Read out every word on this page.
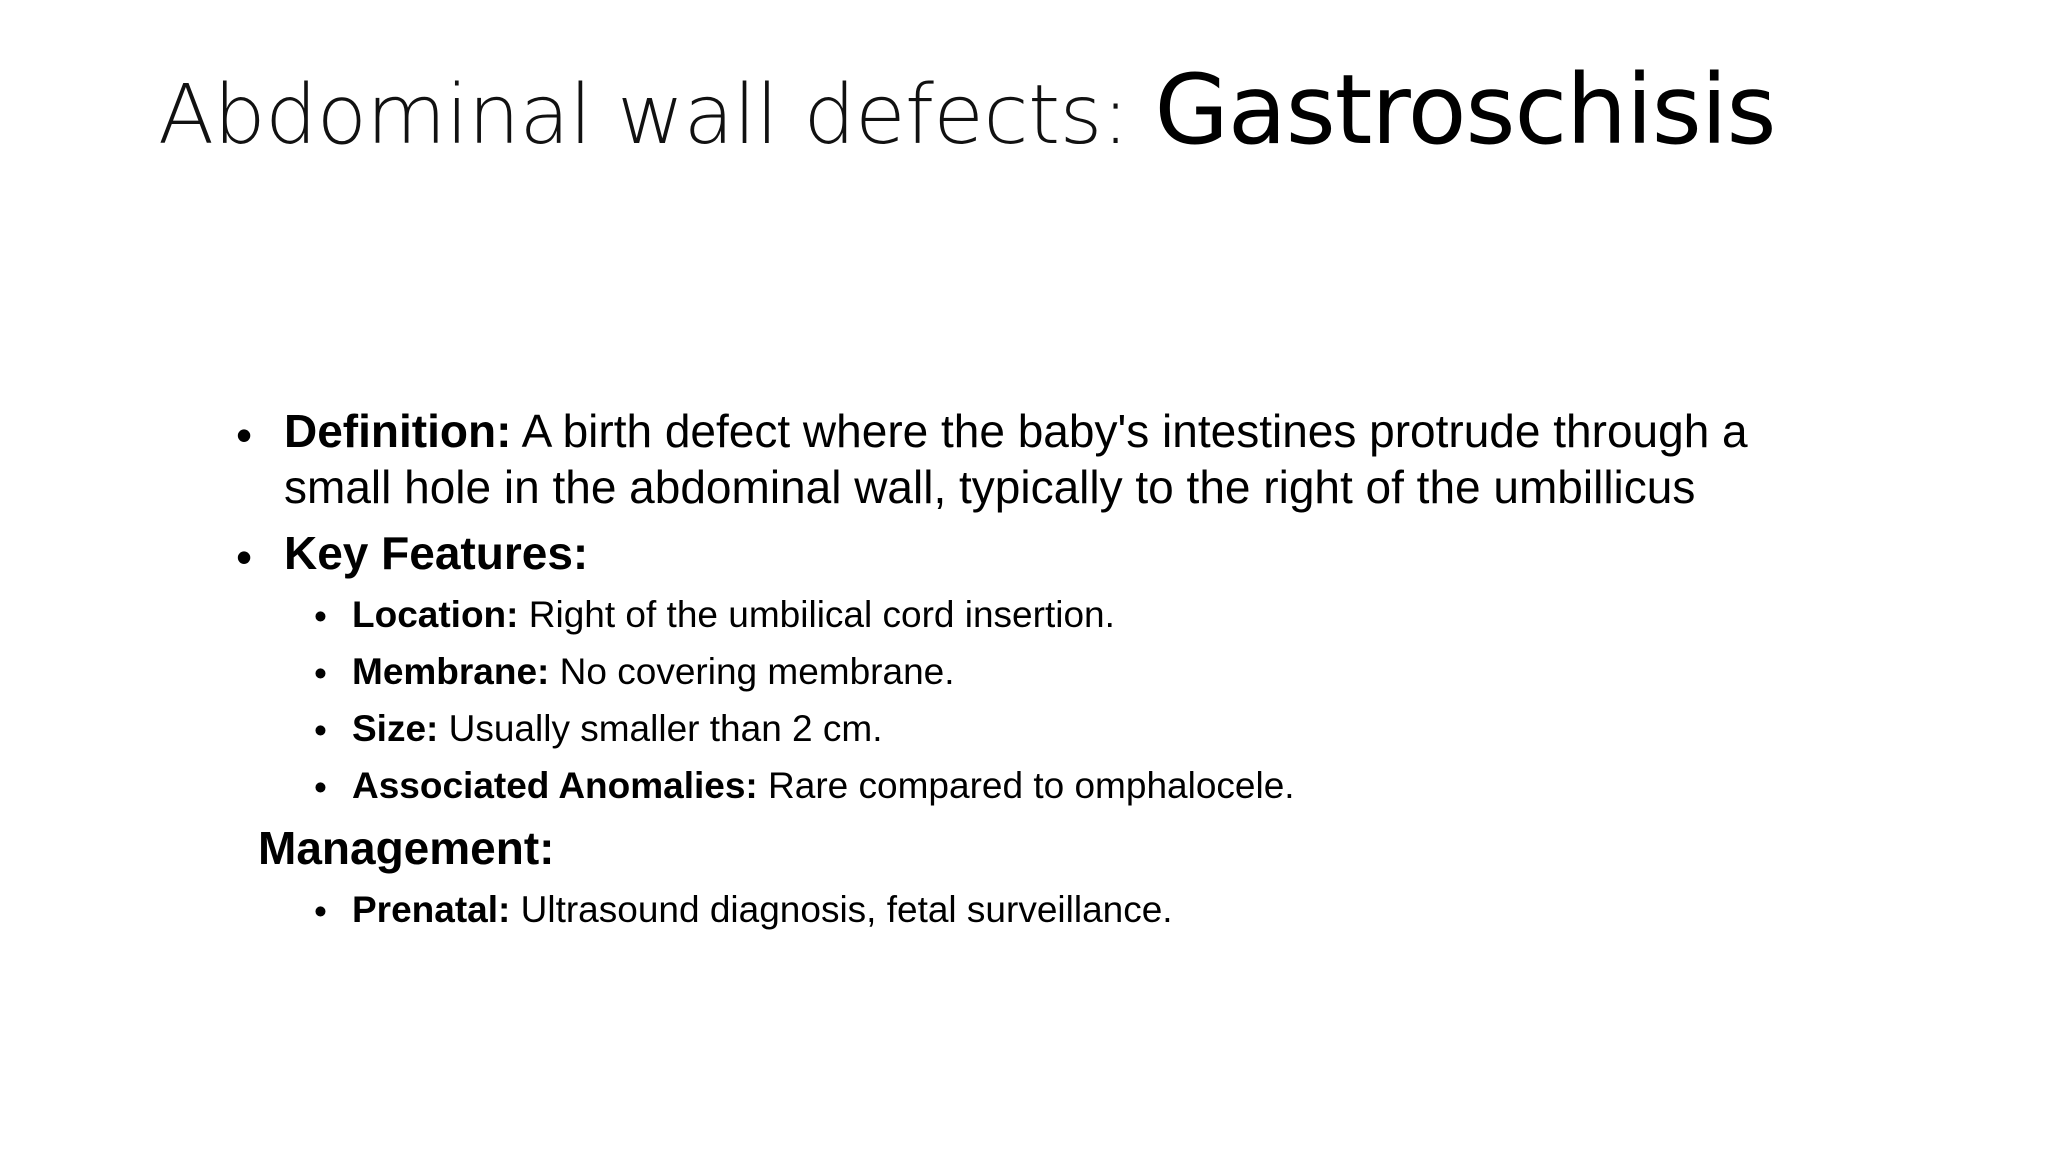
Abdominal wall defects: Gastroschisis
• Definition: A birth defect where the baby's intestines protrude through a
small hole in the abdominal wall, typically to the right of the umbillicus
• Key Features:
• Location: Right of the umbilical cord insertion.
• Membrane: No covering membrane.
• Size: Usually smaller than 2 cm.
• Associated Anomalies: Rare compared to omphalocele.
Management:
• Prenatal: Ultrasound diagnosis, fetal surveillance.
